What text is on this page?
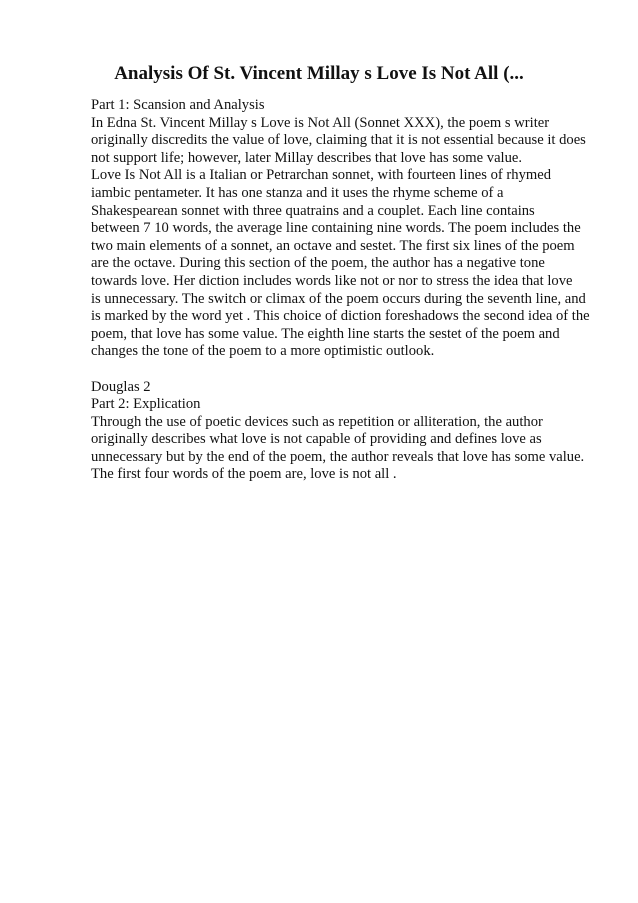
Analysis Of St. Vincent Millay s Love Is Not All (...

Part 1: Scansion and Analysis

In Edna St. Vincent Millay s Love is Not All (Sonnet XXX), the poem s writer
originally discredits the value of love, claiming that it is not essential because it does
not support life; however, later Millay describes that love has some value.

Love Is Not All is a Italian or Petrarchan sonnet, with fourteen lines of rhymed
iambic pentameter. It has one stanza and it uses the rhyme scheme of a
Shakespearean sonnet with three quatrains and a couplet. Each line contains
between 7 10 words, the average line containing nine words. The poem includes the
two main elements of a sonnet, an octave and sestet. The first six lines of the poem
are the octave. During this section of the poem, the author has a negative tone
towards love. Her diction includes words like not or nor to stress the idea that love
is unnecessary. The switch or climax of the poem occurs during the seventh line, and
is marked by the word yet . This choice of diction foreshadows the second idea of the
poem, that love has some value. The eighth line starts the sestet of the poem and
changes the tone of the poem to a more optimistic outlook.

Douglas 2

Part 2: Explication

Through the use of poetic devices such as repetition or alliteration, the author
originally describes what love is not capable of providing and defines love as
unnecessary but by the end of the poem, the author reveals that love has some value.
The first four words of the poem are, love is not all .
